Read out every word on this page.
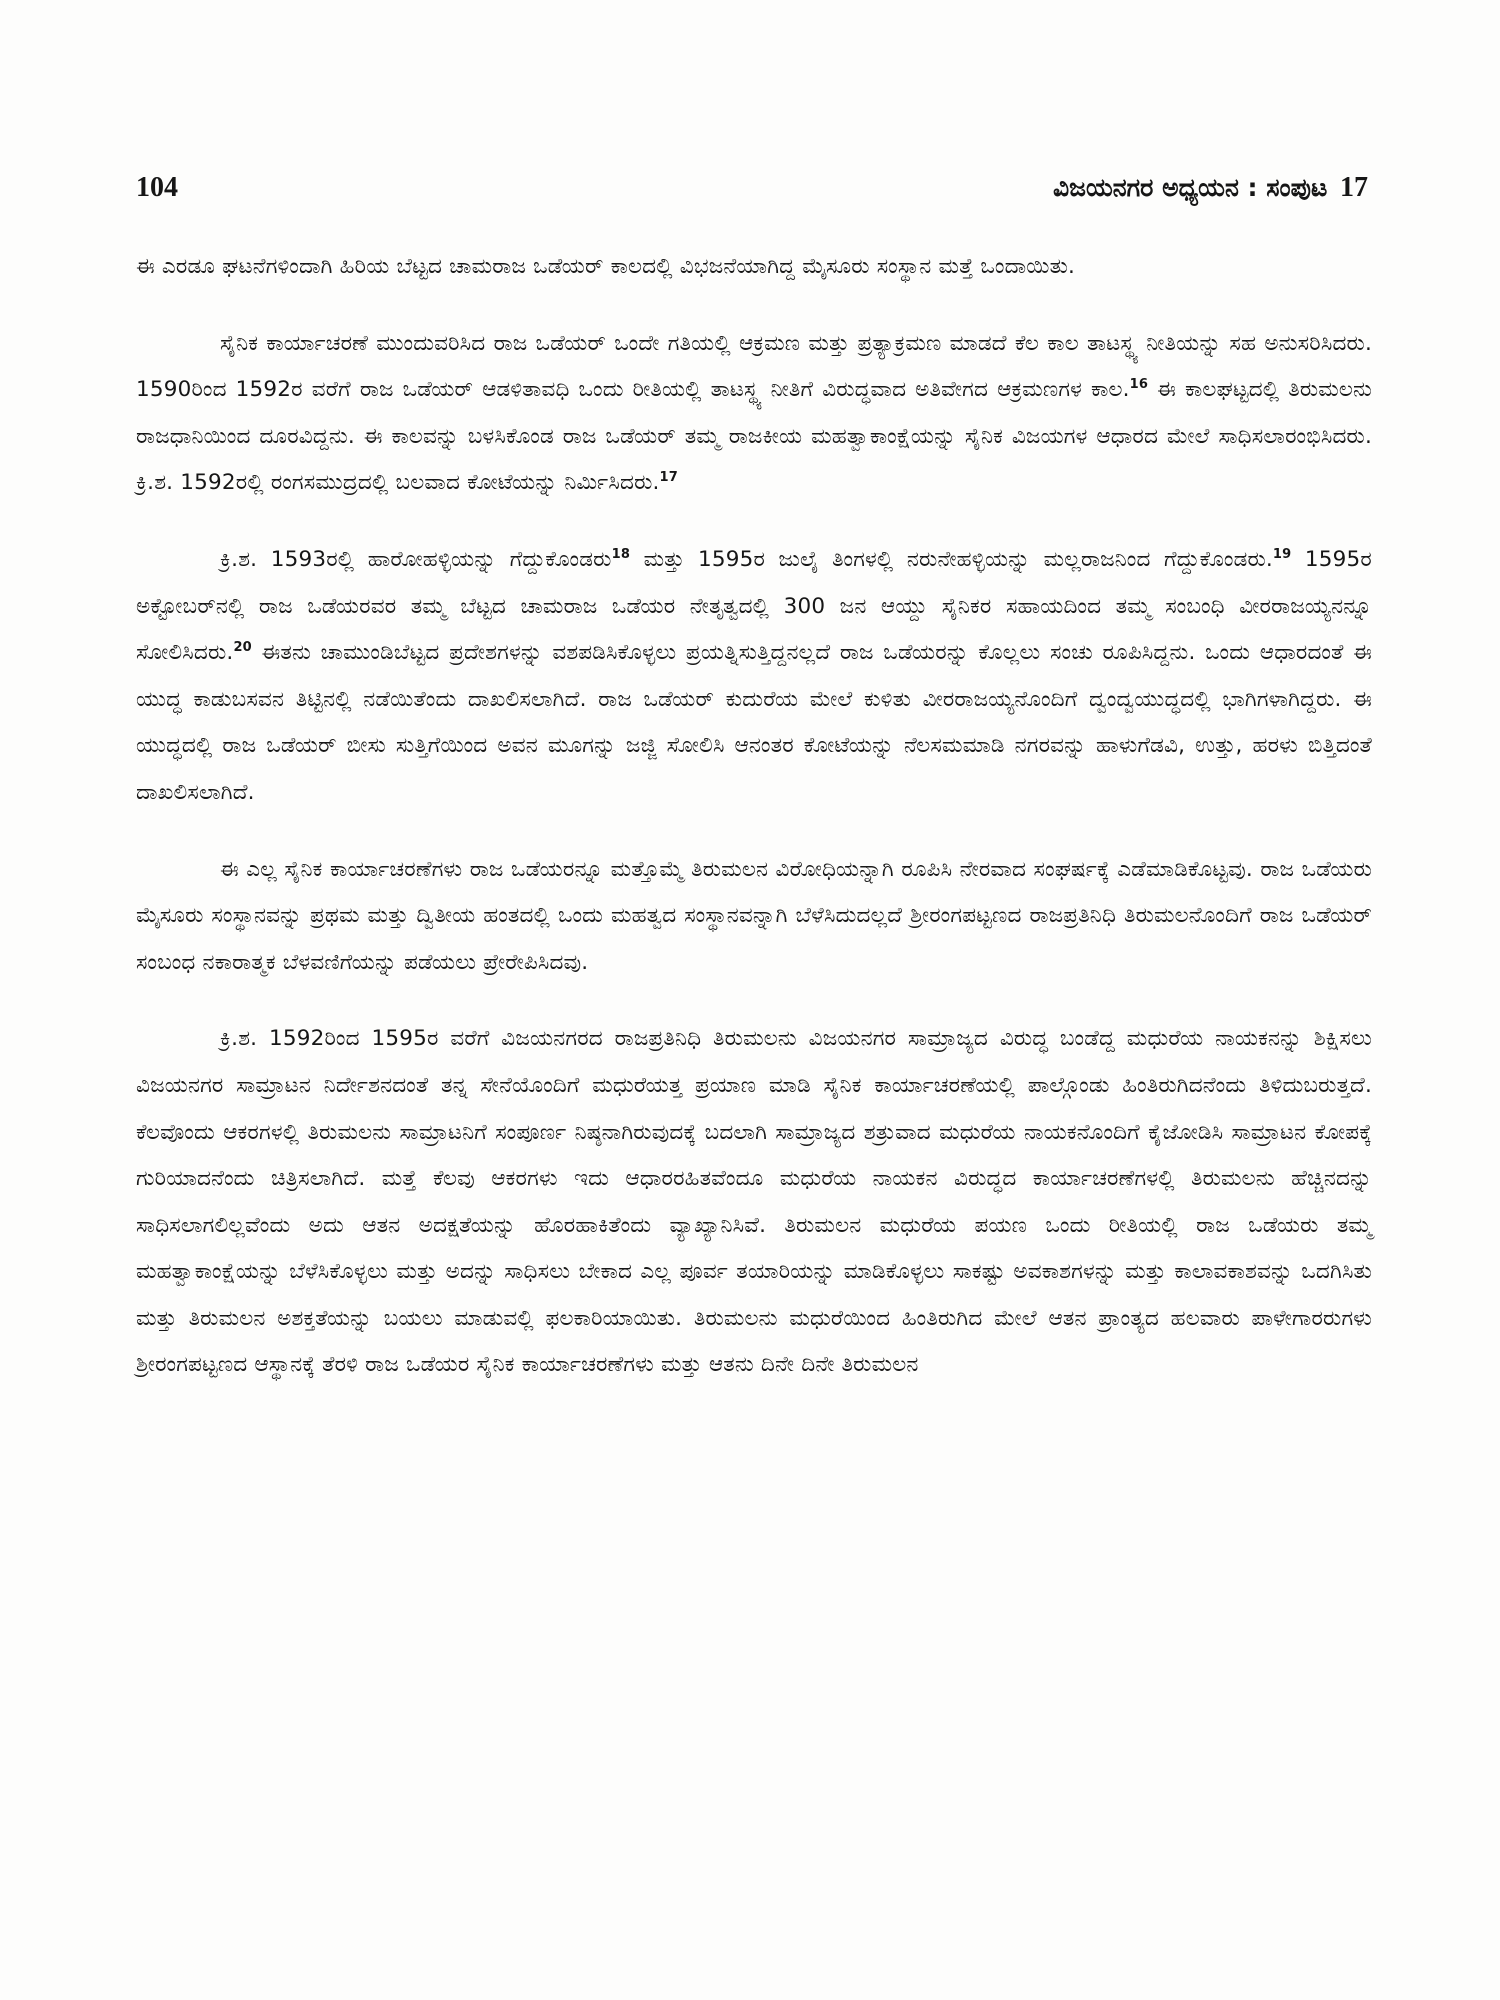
104	ವಿಜಯನಗರ ಅಧ್ಯಯನ : ಸಂಪುಟ 17

ಈ ಎರಡೂ ಘಟನೆಗಳಿಂದಾಗಿ ಹಿರಿಯ ಬೆಟ್ಟದ ಚಾಮರಾಜ ಒಡೆಯರ್ ಕಾಲದಲ್ಲಿ ವಿಭಜನೆಯಾಗಿದ್ದ ಮೈಸೂರು ಸಂಸ್ಥಾನ ಮತ್ತೆ ಒಂದಾಯಿತು.

ಸೈನಿಕ ಕಾರ್ಯಾಚರಣೆ ಮುಂದುವರಿಸಿದ ರಾಜ ಒಡೆಯರ್ ಒಂದೇ ಗತಿಯಲ್ಲಿ ಆಕ್ರಮಣ ಮತ್ತು ಪ್ರತ್ಯಾಕ್ರಮಣ ಮಾಡದೆ ಕೆಲ ಕಾಲ ತಾಟಸ್ಥ್ಯ ನೀತಿಯನ್ನು ಸಹ ಅನುಸರಿಸಿದರು. 1590ರಿಂದ 1592ರ ವರೆಗೆ ರಾಜ ಒಡೆಯರ್ ಆಡಳಿತಾವಧಿ ಒಂದು ರೀತಿಯಲ್ಲಿ ತಾಟಸ್ಥ್ಯ ನೀತಿಗೆ ವಿರುದ್ಧವಾದ ಅತಿವೇಗದ ಆಕ್ರಮಣಗಳ ಕಾಲ.$^{16}$ ಈ ಕಾಲಘಟ್ಟದಲ್ಲಿ ತಿರುಮಲನು ರಾಜಧಾನಿಯಿಂದ ದೂರವಿದ್ದನು. ಈ ಕಾಲವನ್ನು ಬಳಸಿಕೊಂಡ ರಾಜ ಒಡೆಯರ್ ತಮ್ಮ ರಾಜಕೀಯ ಮಹತ್ವಾಕಾಂಕ್ಷೆಯನ್ನು ಸೈನಿಕ ವಿಜಯಗಳ ಆಧಾರದ ಮೇಲೆ ಸಾಧಿಸಲಾರಂಭಿಸಿದರು. ಕ್ರಿ.ಶ. 1592ರಲ್ಲಿ ರಂಗಸಮುದ್ರದಲ್ಲಿ ಬಲವಾದ ಕೋಟೆಯನ್ನು ನಿರ್ಮಿಸಿದರು.$^{17}$

ಕ್ರಿ.ಶ. 1593ರಲ್ಲಿ ಹಾರೋಹಳ್ಳಿಯನ್ನು ಗೆದ್ದುಕೊಂಡರು$^{18}$ ಮತ್ತು 1595ರ ಜುಲೈ ತಿಂಗಳಲ್ಲಿ ನರುನೇಹಳ್ಳಿಯನ್ನು ಮಲ್ಲರಾಜನಿಂದ ಗೆದ್ದುಕೊಂಡರು.$^{19}$ 1595ರ ಅಕ್ಟೋಬರ್‌ನಲ್ಲಿ ರಾಜ ಒಡೆಯರವರ ತಮ್ಮ ಬೆಟ್ಟದ ಚಾಮರಾಜ ಒಡೆಯರ ನೇತೃತ್ವದಲ್ಲಿ 300 ಜನ ಆಯ್ದು ಸೈನಿಕರ ಸಹಾಯದಿಂದ ತಮ್ಮ ಸಂಬಂಧಿ ವೀರರಾಜಯ್ಯನನ್ನೂ ಸೋಲಿಸಿದರು.$^{20}$ ಈತನು ಚಾಮುಂಡಿಬೆಟ್ಟದ ಪ್ರದೇಶಗಳನ್ನು ವಶಪಡಿಸಿಕೊಳ್ಳಲು ಪ್ರಯತ್ನಿಸುತ್ತಿದ್ದನಲ್ಲದೆ ರಾಜ ಒಡೆಯರನ್ನು ಕೊಲ್ಲಲು ಸಂಚು ರೂಪಿಸಿದ್ದನು. ಒಂದು ಆಧಾರದಂತೆ ಈ ಯುದ್ಧ ಕಾಡುಬಸವನ ತಿಟ್ಟಿನಲ್ಲಿ ನಡೆಯಿತೆಂದು ದಾಖಲಿಸಲಾಗಿದೆ. ರಾಜ ಒಡೆಯರ್ ಕುದುರೆಯ ಮೇಲೆ ಕುಳಿತು ವೀರರಾಜಯ್ಯನೊಂದಿಗೆ ದ್ವಂದ್ವಯುದ್ಧದಲ್ಲಿ ಭಾಗಿಗಳಾಗಿದ್ದರು. ಈ ಯುದ್ಧದಲ್ಲಿ ರಾಜ ಒಡೆಯರ್ ಬೀಸು ಸುತ್ತಿಗೆಯಿಂದ ಅವನ ಮೂಗನ್ನು ಜಜ್ಜಿ ಸೋಲಿಸಿ ಆನಂತರ ಕೋಟೆಯನ್ನು ನೆಲಸಮಮಾಡಿ ನಗರವನ್ನು ಹಾಳುಗೆಡವಿ, ಉತ್ತು, ಹರಳು ಬಿತ್ತಿದಂತೆ ದಾಖಲಿಸಲಾಗಿದೆ.

ಈ ಎಲ್ಲ ಸೈನಿಕ ಕಾರ್ಯಾಚರಣೆಗಳು ರಾಜ ಒಡೆಯರನ್ನೂ ಮತ್ತೊಮ್ಮೆ ತಿರುಮಲನ ವಿರೋಧಿಯನ್ನಾಗಿ ರೂಪಿಸಿ ನೇರವಾದ ಸಂಘರ್ಷಕ್ಕೆ ಎಡೆಮಾಡಿಕೊಟ್ಟವು. ರಾಜ ಒಡೆಯರು ಮೈಸೂರು ಸಂಸ್ಥಾನವನ್ನು ಪ್ರಥಮ ಮತ್ತು ದ್ವಿತೀಯ ಹಂತದಲ್ಲಿ ಒಂದು ಮಹತ್ವದ ಸಂಸ್ಥಾನವನ್ನಾಗಿ ಬೆಳೆಸಿದುದಲ್ಲದೆ ಶ್ರೀರಂಗಪಟ್ಟಣದ ರಾಜಪ್ರತಿನಿಧಿ ತಿರುಮಲನೊಂದಿಗೆ ರಾಜ ಒಡೆಯರ್ ಸಂಬಂಧ ನಕಾರಾತ್ಮಕ ಬೆಳವಣಿಗೆಯನ್ನು ಪಡೆಯಲು ಪ್ರೇರೇಪಿಸಿದವು.

ಕ್ರಿ.ಶ. 1592ರಿಂದ 1595ರ ವರೆಗೆ ವಿಜಯನಗರದ ರಾಜಪ್ರತಿನಿಧಿ ತಿರುಮಲನು ವಿಜಯನಗರ ಸಾಮ್ರಾಜ್ಯದ ವಿರುದ್ಧ ಬಂಡೆದ್ದ ಮಧುರೆಯ ನಾಯಕನನ್ನು ಶಿಕ್ಷಿಸಲು ವಿಜಯನಗರ ಸಾಮ್ರಾಟನ ನಿರ್ದೇಶನದಂತೆ ತನ್ನ ಸೇನೆಯೊಂದಿಗೆ ಮಧುರೆಯತ್ತ ಪ್ರಯಾಣ ಮಾಡಿ ಸೈನಿಕ ಕಾರ್ಯಾಚರಣೆಯಲ್ಲಿ ಪಾಲ್ಗೊಂಡು ಹಿಂತಿರುಗಿದನೆಂದು ತಿಳಿದುಬರುತ್ತದೆ. ಕೆಲವೊಂದು ಆಕರಗಳಲ್ಲಿ ತಿರುಮಲನು ಸಾಮ್ರಾಟನಿಗೆ ಸಂಪೂರ್ಣ ನಿಷ್ಠನಾಗಿರುವುದಕ್ಕೆ ಬದಲಾಗಿ ಸಾಮ್ರಾಜ್ಯದ ಶತ್ರುವಾದ ಮಧುರೆಯ ನಾಯಕನೊಂದಿಗೆ ಕೈಜೋಡಿಸಿ ಸಾಮ್ರಾಟನ ಕೋಪಕ್ಕೆ ಗುರಿಯಾದನೆಂದು ಚಿತ್ರಿಸಲಾಗಿದೆ. ಮತ್ತೆ ಕೆಲವು ಆಕರಗಳು ಇದು ಆಧಾರರಹಿತವೆಂದೂ ಮಧುರೆಯ ನಾಯಕನ ವಿರುದ್ಧದ ಕಾರ್ಯಾಚರಣೆಗಳಲ್ಲಿ ತಿರುಮಲನು ಹೆಚ್ಚಿನದನ್ನು ಸಾಧಿಸಲಾಗಲಿಲ್ಲವೆಂದು ಅದು ಆತನ ಅದಕ್ಷತೆಯನ್ನು ಹೊರಹಾಕಿತೆಂದು ವ್ಯಾಖ್ಯಾನಿಸಿವೆ. ತಿರುಮಲನ ಮಧುರೆಯ ಪಯಣ ಒಂದು ರೀತಿಯಲ್ಲಿ ರಾಜ ಒಡೆಯರು ತಮ್ಮ ಮಹತ್ವಾಕಾಂಕ್ಷೆಯನ್ನು ಬೆಳೆಸಿಕೊಳ್ಳಲು ಮತ್ತು ಅದನ್ನು ಸಾಧಿಸಲು ಬೇಕಾದ ಎಲ್ಲ ಪೂರ್ವ ತಯಾರಿಯನ್ನು ಮಾಡಿಕೊಳ್ಳಲು ಸಾಕಷ್ಟು ಅವಕಾಶಗಳನ್ನು ಮತ್ತು ಕಾಲಾವಕಾಶವನ್ನು ಒದಗಿಸಿತು ಮತ್ತು ತಿರುಮಲನ ಅಶಕ್ತತೆಯನ್ನು ಬಯಲು ಮಾಡುವಲ್ಲಿ ಫಲಕಾರಿಯಾಯಿತು. ತಿರುಮಲನು ಮಧುರೆಯಿಂದ ಹಿಂತಿರುಗಿದ ಮೇಲೆ ಆತನ ಪ್ರಾಂತ್ಯದ ಹಲವಾರು ಪಾಳೇಗಾರರುಗಳು ಶ್ರೀರಂಗಪಟ್ಟಣದ ಆಸ್ಥಾನಕ್ಕೆ ತೆರಳಿ ರಾಜ ಒಡೆಯರ ಸೈನಿಕ ಕಾರ್ಯಾಚರಣೆಗಳು ಮತ್ತು ಆತನು ದಿನೇ ದಿನೇ ತಿರುಮಲನ
